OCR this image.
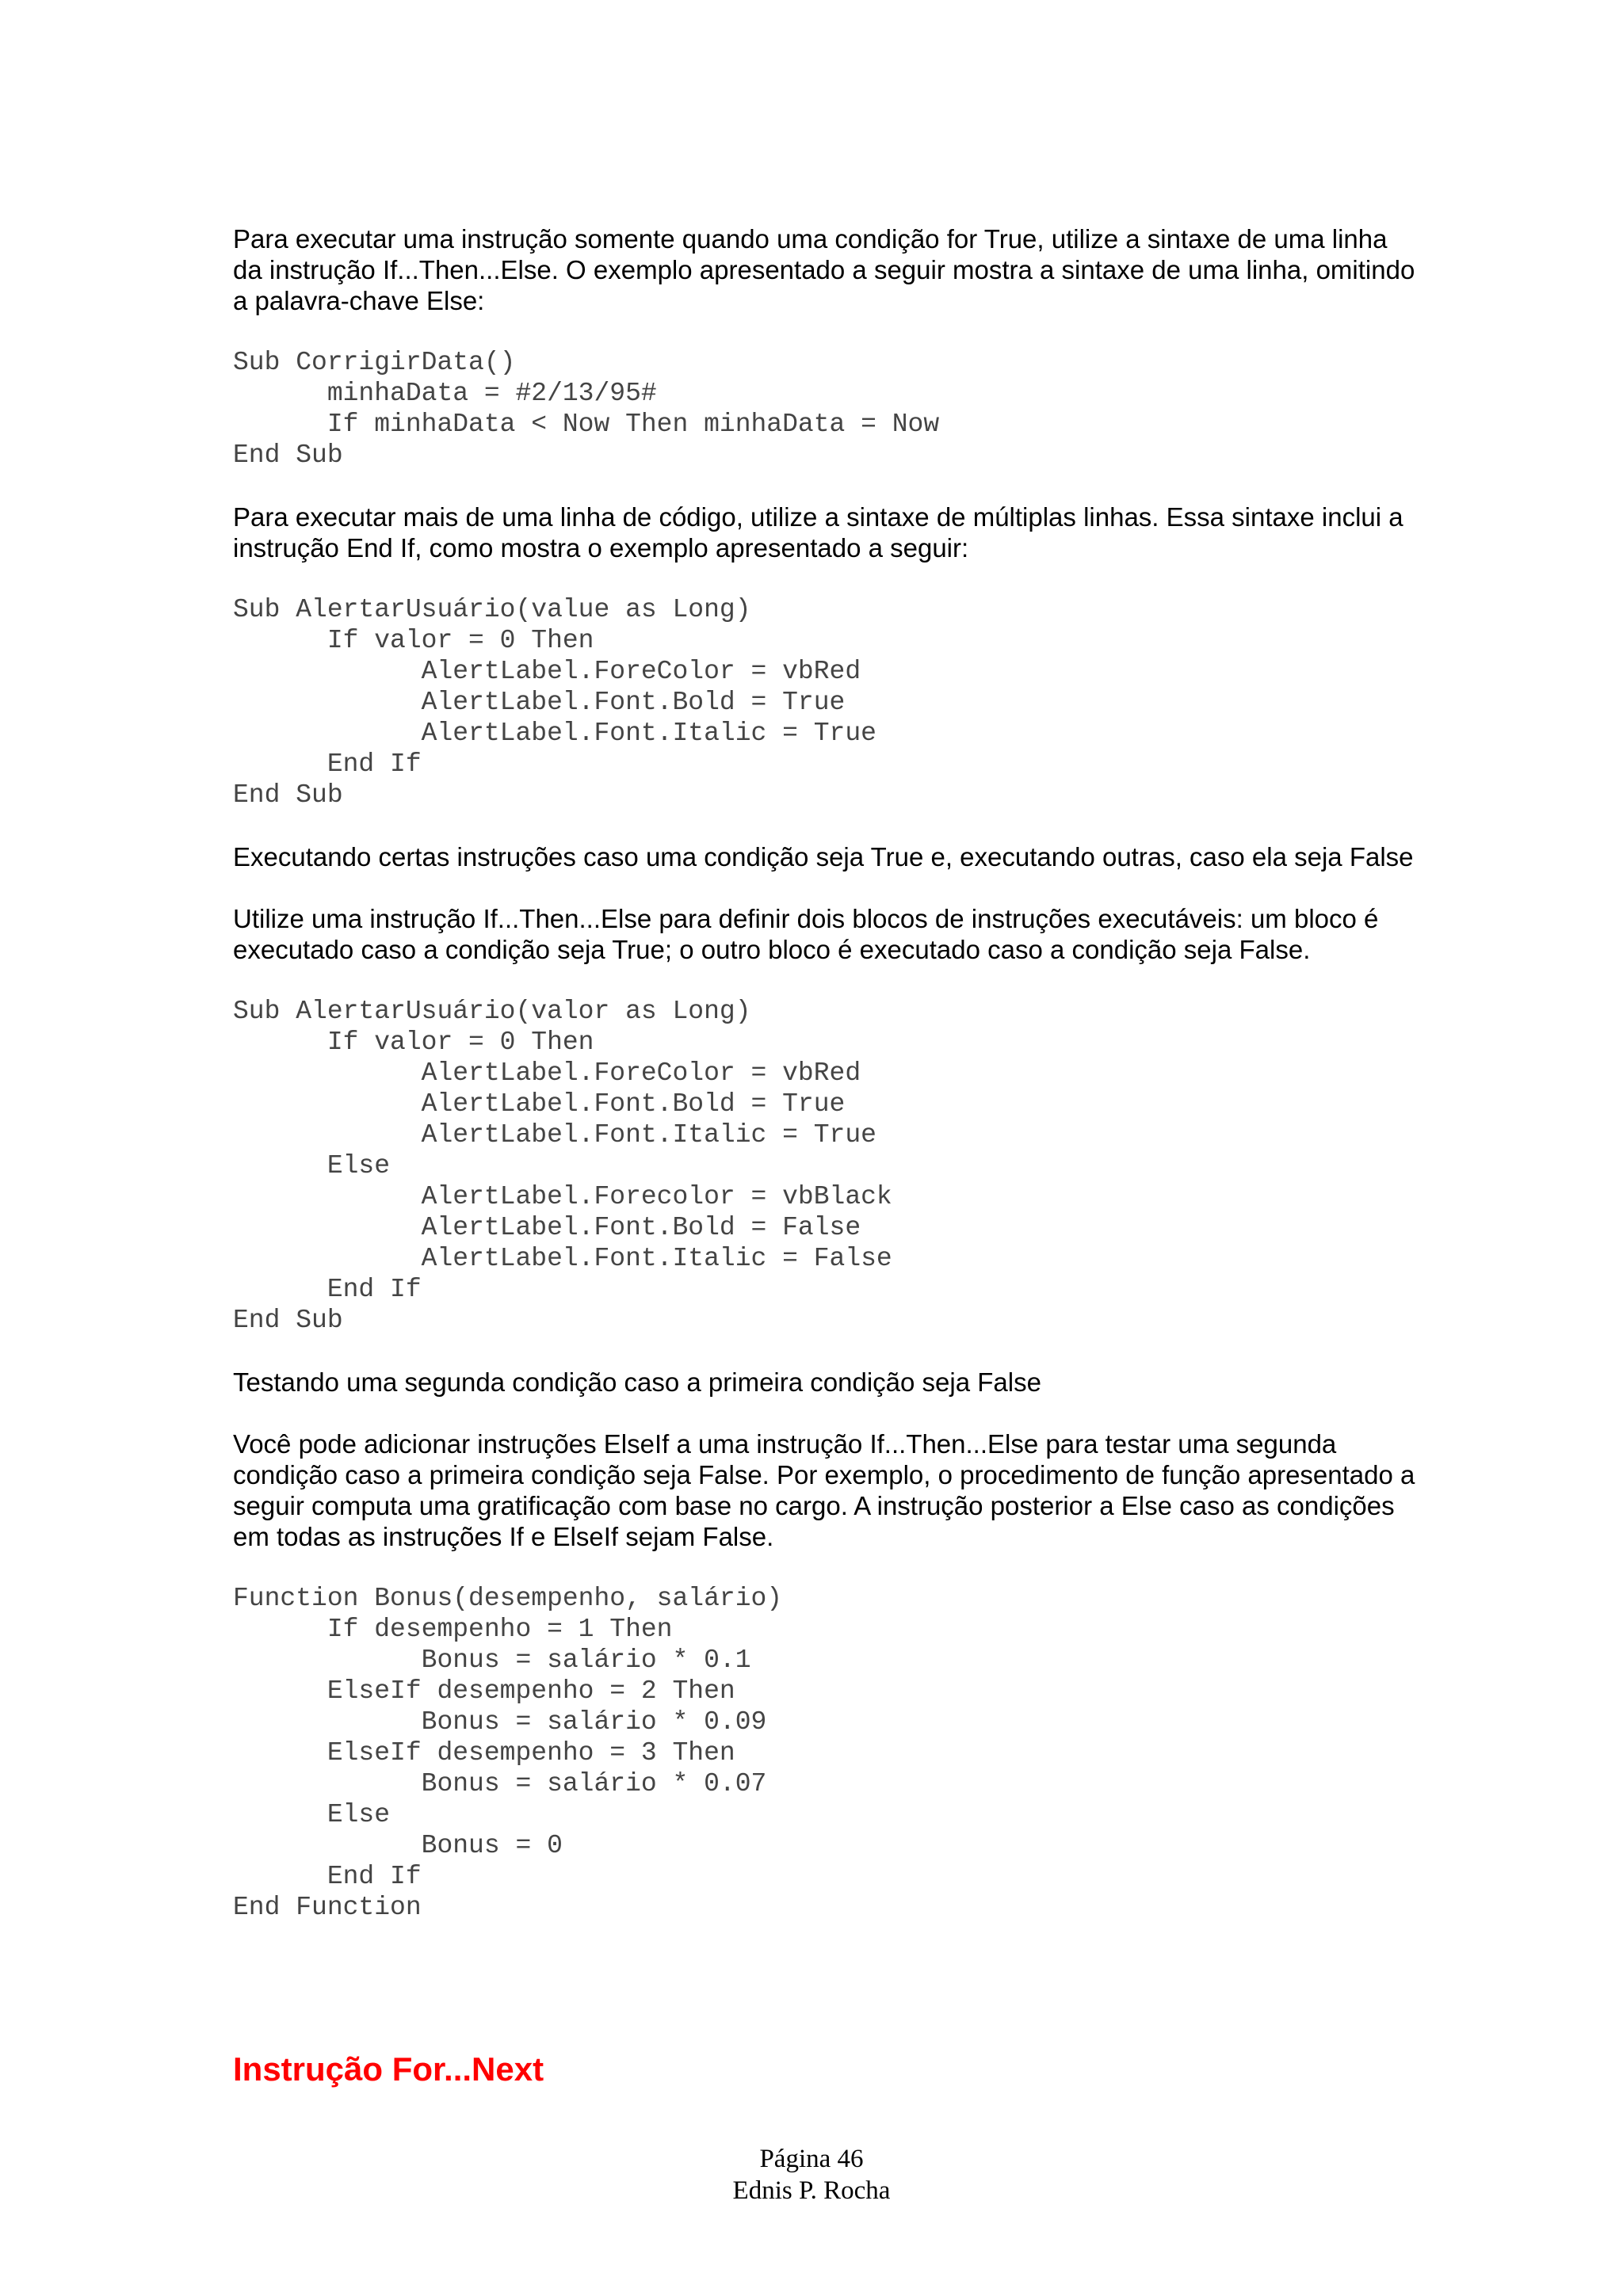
Para executar uma instrução somente quando uma condição for True, utilize a sintaxe de uma linha
da instrução If...Then...Else. O exemplo apresentado a seguir mostra a sintaxe de uma linha, omitindo
a palavra-chave Else:

Sub CorrigirData()
minhaData = #2/13/95#
If minhaData < Now Then minhaData = Now
End Sub

Para executar mais de uma linha de código, utilize a sintaxe de múltiplas linhas. Essa sintaxe inclui a
instrução End If, como mostra o exemplo apresentado a seguir:

Sub AlertarUsuário(value as Long)
If valor = 0 Then
AlertLabel.ForeColor = vbRed
AlertLabel.Font.Bold = True
AlertLabel.Font.Italic = True
End If
End Sub

Executando certas instruções caso uma condição seja True e, executando outras, caso ela seja False

Utilize uma instrução If...Then...Else para definir dois blocos de instruções executáveis: um bloco é
executado caso a condição seja True; o outro bloco é executado caso a condição seja False.

Sub AlertarUsuário(valor as Long)
If valor = 0 Then
AlertLabel.ForeColor = vbRed
AlertLabel.Font.Bold = True
AlertLabel.Font.Italic = True
Else
AlertLabel.Forecolor = vbBlack
AlertLabel.Font.Bold = False
AlertLabel.Font.Italic = False
End If
End Sub

Testando uma segunda condição caso a primeira condição seja False

Você pode adicionar instruções ElseIf a uma instrução If...Then...Else para testar uma segunda
condição caso a primeira condição seja False. Por exemplo, o procedimento de função apresentado a
seguir computa uma gratificação com base no cargo. A instrução posterior a Else caso as condições
em todas as instruções If e ElseIf sejam False.

Function Bonus(desempenho, salário)
If desempenho = 1 Then
Bonus = salário * 0.1
ElseIf desempenho = 2 Then
Bonus = salário * 0.09
ElseIf desempenho = 3 Then
Bonus = salário * 0.07
Else
Bonus = 0
End If
End Function
Instrução For...Next
Página 46
Ednis P. Rocha
